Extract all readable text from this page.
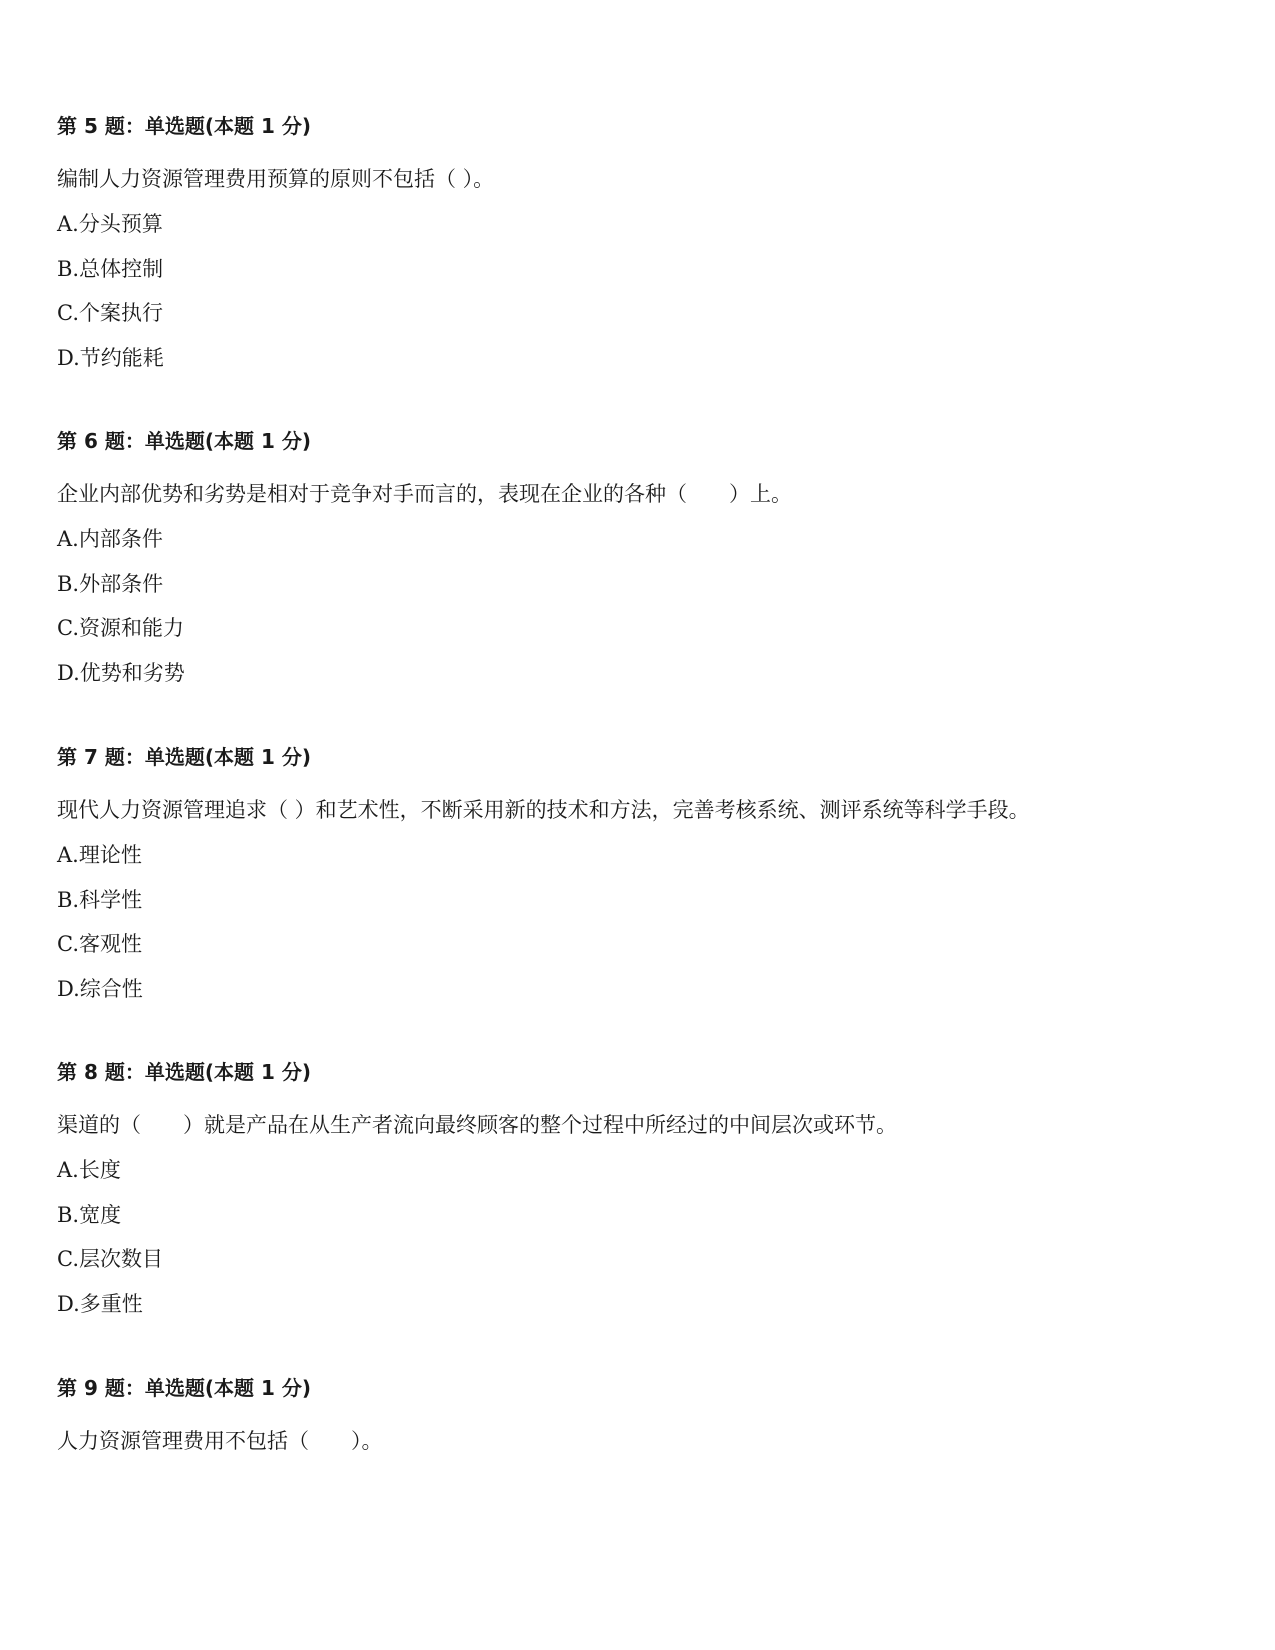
第 5 题：单选题(本题 1 分)
编制人力资源管理费用预算的原则不包括（ ）。
A.分头预算
B.总体控制
C.个案执行
D.节约能耗
第 6 题：单选题(本题 1 分)
企业内部优势和劣势是相对于竞争对手而言的，表现在企业的各种（　　）上。
A.内部条件
B.外部条件
C.资源和能力
D.优势和劣势
第 7 题：单选题(本题 1 分)
现代人力资源管理追求（ ）和艺术性，不断采用新的技术和方法，完善考核系统、测评系统等科学手段。
A.理论性
B.科学性
C.客观性
D.综合性
第 8 题：单选题(本题 1 分)
渠道的（　　）就是产品在从生产者流向最终顾客的整个过程中所经过的中间层次或环节。
A.长度
B.宽度
C.层次数目
D.多重性
第 9 题：单选题(本题 1 分)
人力资源管理费用不包括（　　）。
